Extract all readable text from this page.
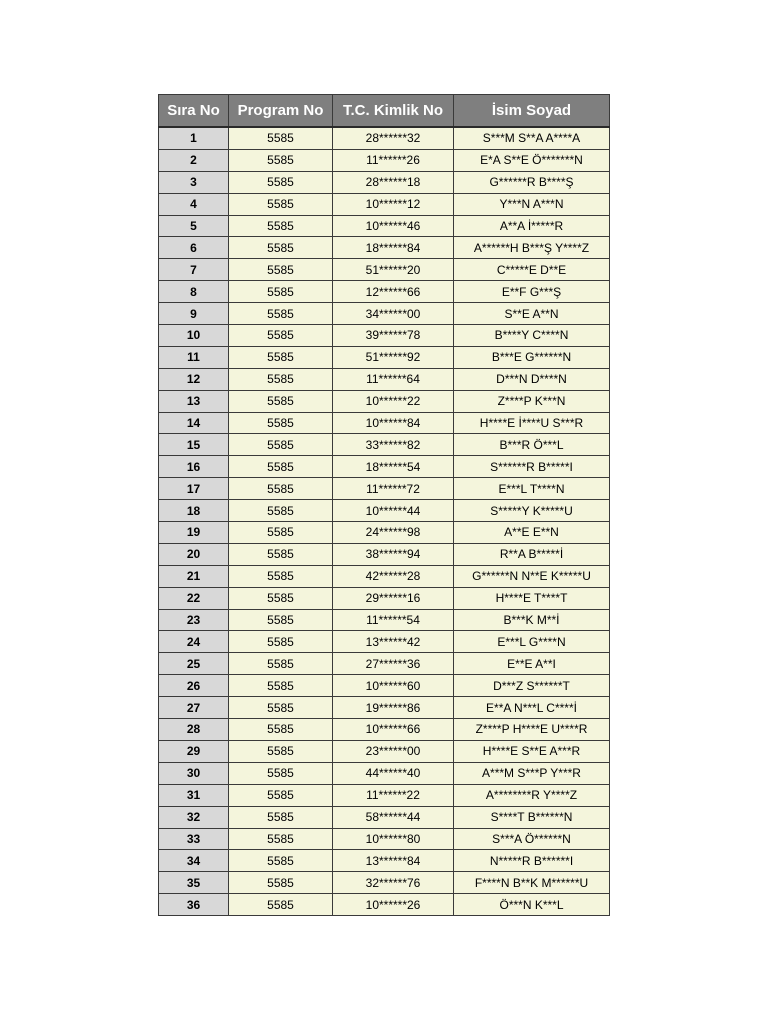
Sıra No	Program No	T.C. Kimlik No	İsim Soyad
1	5585	28******32	S***M S**A A****A
2	5585	11******26	E*A S**E Ö*******N
3	5585	28******18	G******R B****Ş
4	5585	10******12	Y***N A***N
5	5585	10******46	A**A İ*****R
6	5585	18******84	A******H B***Ş Y****Z
7	5585	51******20	C*****E D**E
8	5585	12******66	E**F G***Ş
9	5585	34******00	S**E A**N
10	5585	39******78	B****Y C****N
11	5585	51******92	B***E G******N
12	5585	11******64	D***N D****N
13	5585	10******22	Z****P K***N
14	5585	10******84	H****E İ****U S***R
15	5585	33******82	B***R Ö***L
16	5585	18******54	S******R B*****I
17	5585	11******72	E***L T****N
18	5585	10******44	S*****Y K*****U
19	5585	24******98	A**E E**N
20	5585	38******94	R**A B*****İ
21	5585	42******28	G******N N**E K*****U
22	5585	29******16	H****E T****T
23	5585	11******54	B***K M**İ
24	5585	13******42	E***L G****N
25	5585	27******36	E**E A**I
26	5585	10******60	D***Z S******T
27	5585	19******86	E**A N***L C****İ
28	5585	10******66	Z****P H****E U****R
29	5585	23******00	H****E S**E A***R
30	5585	44******40	A***M S***P Y***R
31	5585	11******22	A********R Y****Z
32	5585	58******44	S****T B******N
33	5585	10******80	S***A Ö******N
34	5585	13******84	N*****R B******I
35	5585	32******76	F****N B**K M******U
36	5585	10******26	Ö***N K***L
